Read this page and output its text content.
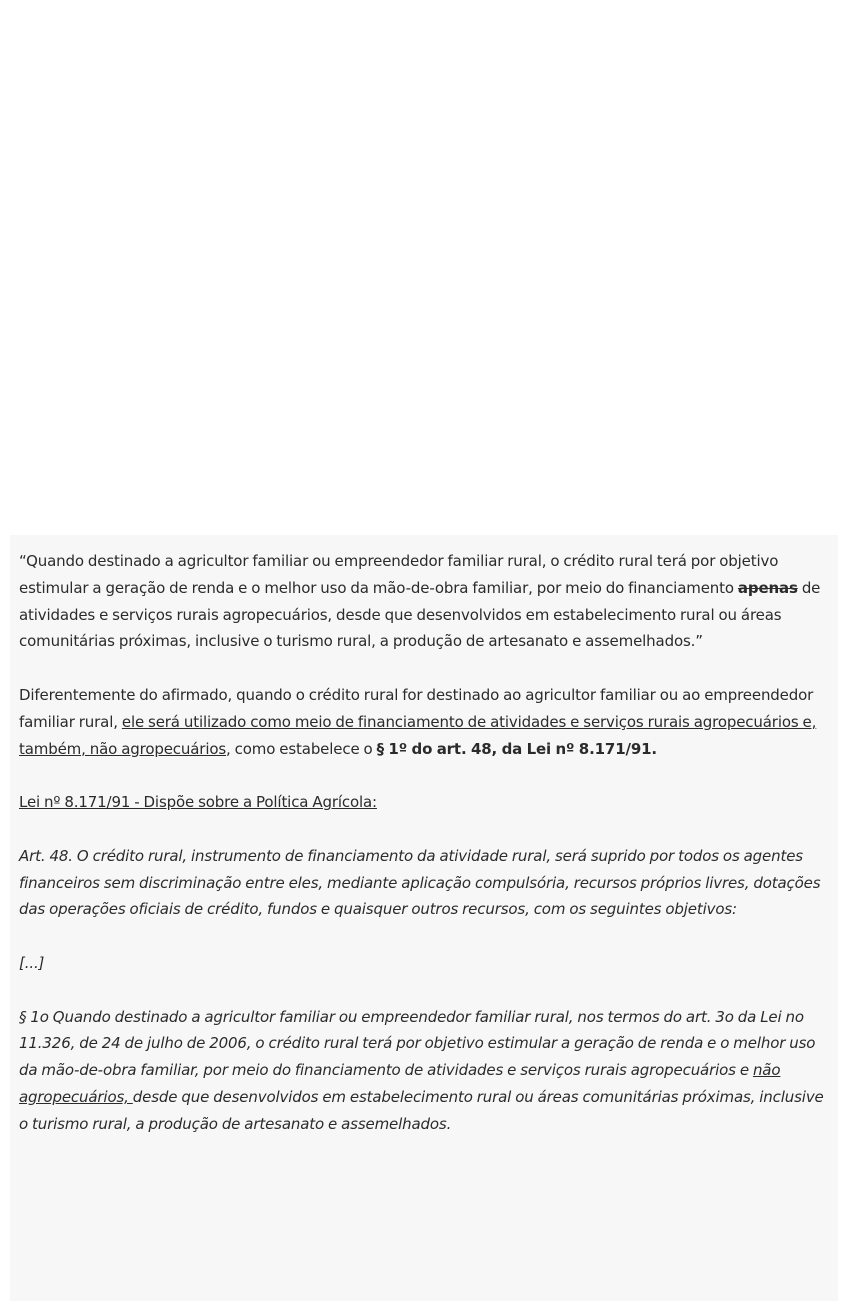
“Quando destinado a agricultor familiar ou empreendedor familiar rural, o crédito rural terá por objetivo estimular a geração de renda e o melhor uso da mão-de-obra familiar, por meio do financiamento apenas de atividades e serviços rurais agropecuários, desde que desenvolvidos em estabelecimento rural ou áreas comunitárias próximas, inclusive o turismo rural, a produção de artesanato e assemelhados.”

Diferentemente do afirmado, quando o crédito rural for destinado ao agricultor familiar ou ao empreendedor familiar rural, ele será utilizado como meio de financiamento de atividades e serviços rurais agropecuários e, também, não agropecuários, como estabelece o § 1º do art. 48, da Lei nº 8.171/91.

Lei nº 8.171/91 - Dispõe sobre a Política Agrícola:

Art. 48. O crédito rural, instrumento de financiamento da atividade rural, será suprido por todos os agentes financeiros sem discriminação entre eles, mediante aplicação compulsória, recursos próprios livres, dotações das operações oficiais de crédito, fundos e quaisquer outros recursos, com os seguintes objetivos:

[...]

§ 1o Quando destinado a agricultor familiar ou empreendedor familiar rural, nos termos do art. 3o da Lei no 11.326, de 24 de julho de 2006, o crédito rural terá por objetivo estimular a geração de renda e o melhor uso da mão-de-obra familiar, por meio do financiamento de atividades e serviços rurais agropecuários e não agropecuários, desde que desenvolvidos em estabelecimento rural ou áreas comunitárias próximas, inclusive o turismo rural, a produção de artesanato e assemelhados.
